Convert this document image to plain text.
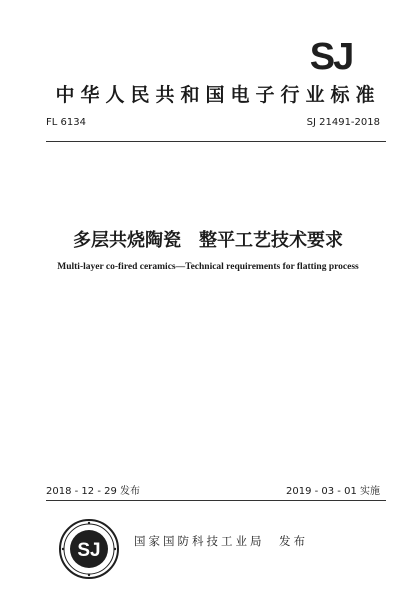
SJ
中华人民共和国电子行业标准
FL 6134	SJ 21491-2018
多层共烧陶瓷　整平工艺技术要求
Multi-layer co-fired ceramics—Technical requirements for flatting process
2018 - 12 - 29 发布	2019 - 03 - 01 实施
SJ	国家国防科技工业局　发布
